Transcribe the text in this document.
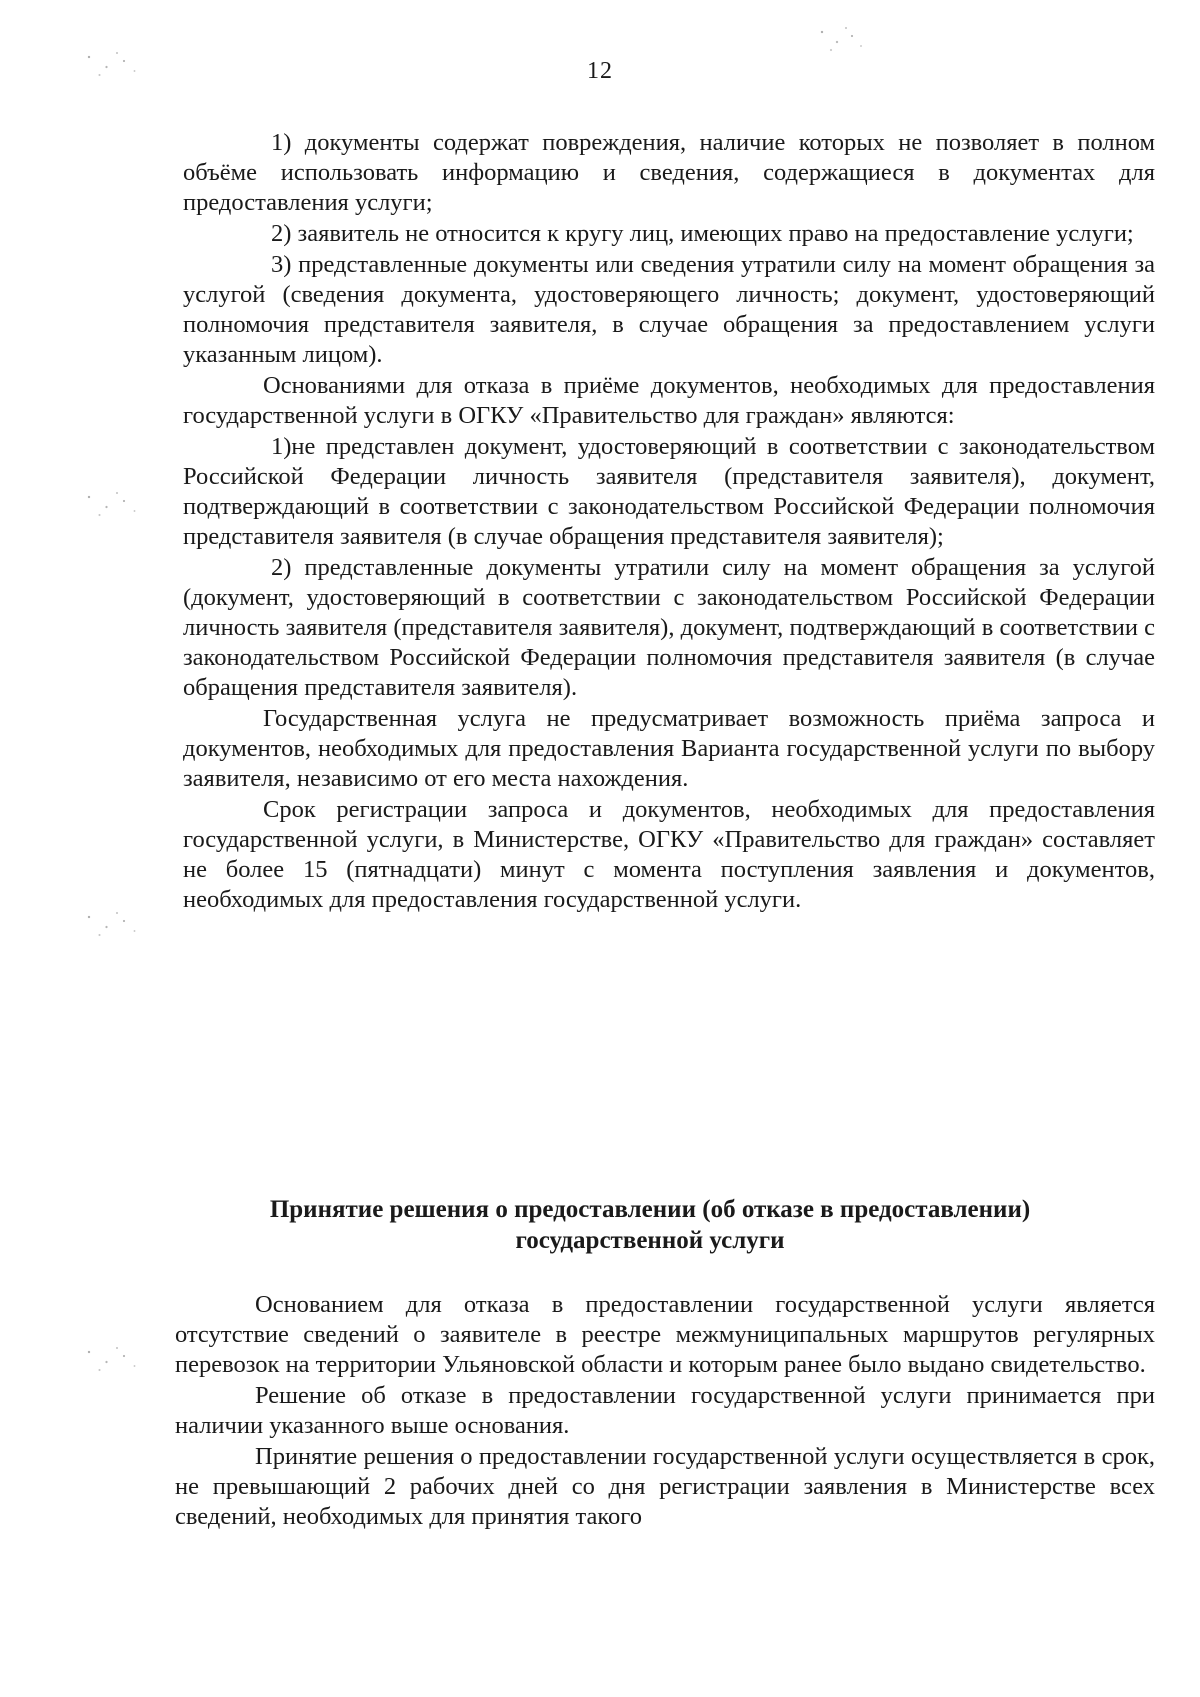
12

1) документы содержат повреждения, наличие которых не позволяет в полном объёме использовать информацию и сведения, содержащиеся в документах для предоставления услуги;

2) заявитель не относится к кругу лиц, имеющих право на предоставление услуги;

3) представленные документы или сведения утратили силу на момент обращения за услугой (сведения документа, удостоверяющего личность; документ, удостоверяющий полномочия представителя заявителя, в случае обращения за предоставлением услуги указанным лицом).

Основаниями для отказа в приёме документов, необходимых для предоставления государственной услуги в ОГКУ «Правительство для граждан» являются:

1)не представлен документ, удостоверяющий в соответствии с законодательством Российской Федерации личность заявителя (представителя заявителя), документ, подтверждающий в соответствии с законодательством Российской Федерации полномочия представителя заявителя (в случае обращения представителя заявителя);

2) представленные документы утратили силу на момент обращения за услугой (документ, удостоверяющий в соответствии с законодательством Российской Федерации личность заявителя (представителя заявителя), документ, подтверждающий в соответствии с законодательством Российской Федерации полномочия представителя заявителя (в случае обращения представителя заявителя).

Государственная услуга не предусматривает возможность приёма запроса и документов, необходимых для предоставления Варианта государственной услуги по выбору заявителя, независимо от его места нахождения.

Срок регистрации запроса и документов, необходимых для предоставления государственной услуги, в Министерстве, ОГКУ «Правительство для граждан» составляет не более 15 (пятнадцати) минут с момента поступления заявления и документов, необходимых для предоставления государственной услуги.

Принятие решения о предоставлении (об отказе в предоставлении)
государственной услуги

Основанием для отказа в предоставлении государственной услуги является отсутствие сведений о заявителе в реестре межмуниципальных маршрутов регулярных перевозок на территории Ульяновской области и которым ранее было выдано свидетельство.

Решение об отказе в предоставлении государственной услуги принимается при наличии указанного выше основания.

Принятие решения о предоставлении государственной услуги осуществляется в срок, не превышающий 2 рабочих дней со дня регистрации заявления в Министерстве всех сведений, необходимых для принятия такого
